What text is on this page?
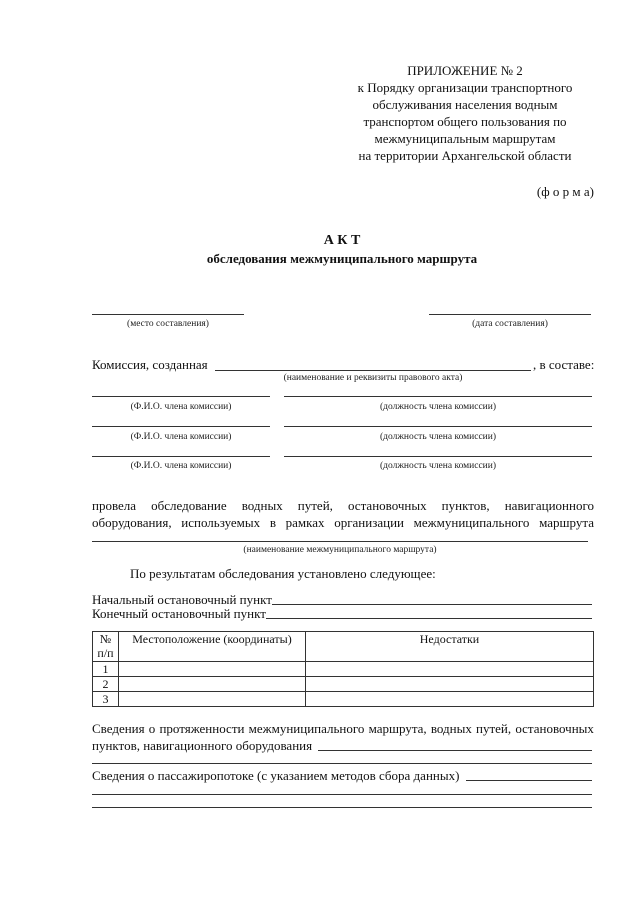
ПРИЛОЖЕНИЕ № 2
к Порядку организации транспортного
обслуживания населения водным
транспортом общего пользования по
межмуниципальным маршрутам
на территории Архангельской области
(ф о р м а)
А К Т
обследования межмуниципального маршрута
(место составления)	(дата составления)
Комиссия, созданная	, в составе:
(наименование и реквизиты правового акта)
(Ф.И.О. члена комиссии)	(должность члена комиссии)
(Ф.И.О. члена комиссии)	(должность члена комиссии)
(Ф.И.О. члена комиссии)	(должность члена комиссии)
провела обследование водных путей, остановочных пунктов, навигационного
оборудования, используемых в рамках организации межмуниципального маршрута
(наименование межмуниципального маршрута)
По результатам обследования установлено следующее:
Начальный остановочный пункт
Конечный остановочный пункт
№
п/п	Местоположение (координаты)	Недостатки
1		
2		
3		
Сведения о протяженности межмуниципального маршрута, водных путей, остановочных
пунктов, навигационного оборудования
Сведения о пассажиропотоке (с указанием методов сбора данных)
